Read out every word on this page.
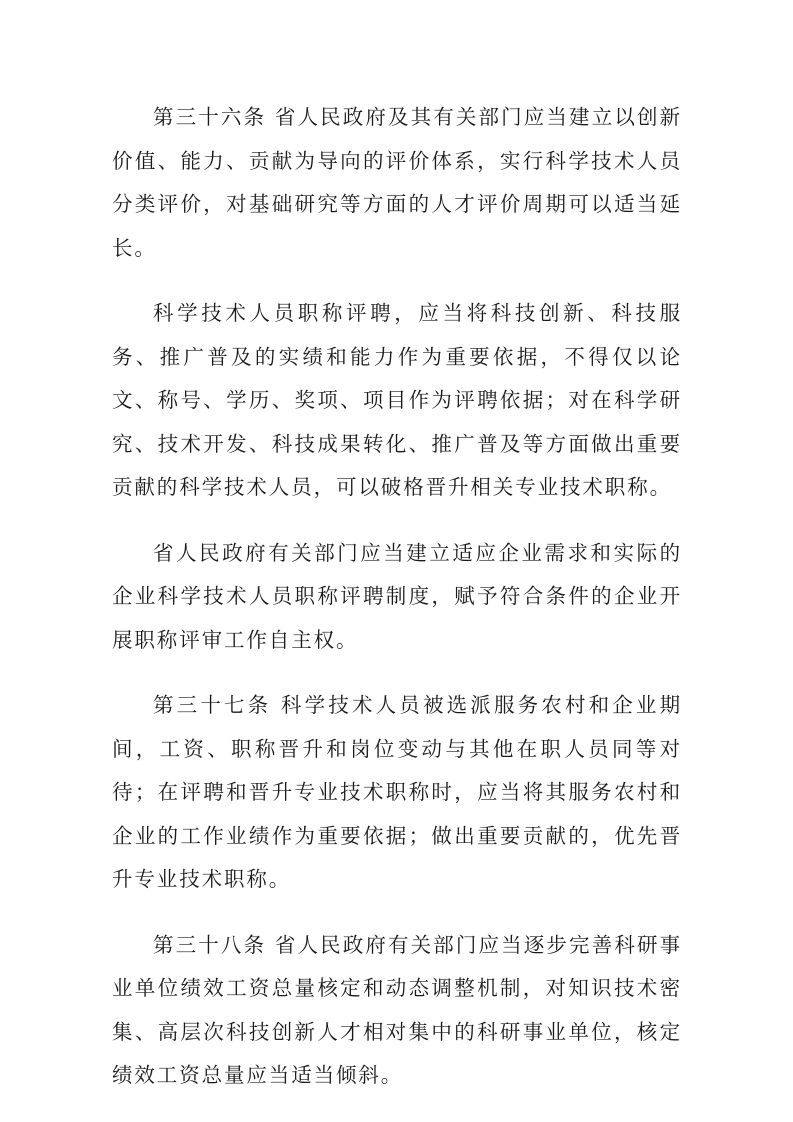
第三十六条 省人民政府及其有关部门应当建立以创新价值、能力、贡献为导向的评价体系，实行科学技术人员分类评价，对基础研究等方面的人才评价周期可以适当延长。

科学技术人员职称评聘，应当将科技创新、科技服务、推广普及的实绩和能力作为重要依据，不得仅以论文、称号、学历、奖项、项目作为评聘依据；对在科学研究、技术开发、科技成果转化、推广普及等方面做出重要贡献的科学技术人员，可以破格晋升相关专业技术职称。

省人民政府有关部门应当建立适应企业需求和实际的企业科学技术人员职称评聘制度，赋予符合条件的企业开展职称评审工作自主权。

第三十七条 科学技术人员被选派服务农村和企业期间，工资、职称晋升和岗位变动与其他在职人员同等对待；在评聘和晋升专业技术职称时，应当将其服务农村和企业的工作业绩作为重要依据；做出重要贡献的，优先晋升专业技术职称。

第三十八条 省人民政府有关部门应当逐步完善科研事业单位绩效工资总量核定和动态调整机制，对知识技术密集、高层次科技创新人才相对集中的科研事业单位，核定绩效工资总量应当适当倾斜。
